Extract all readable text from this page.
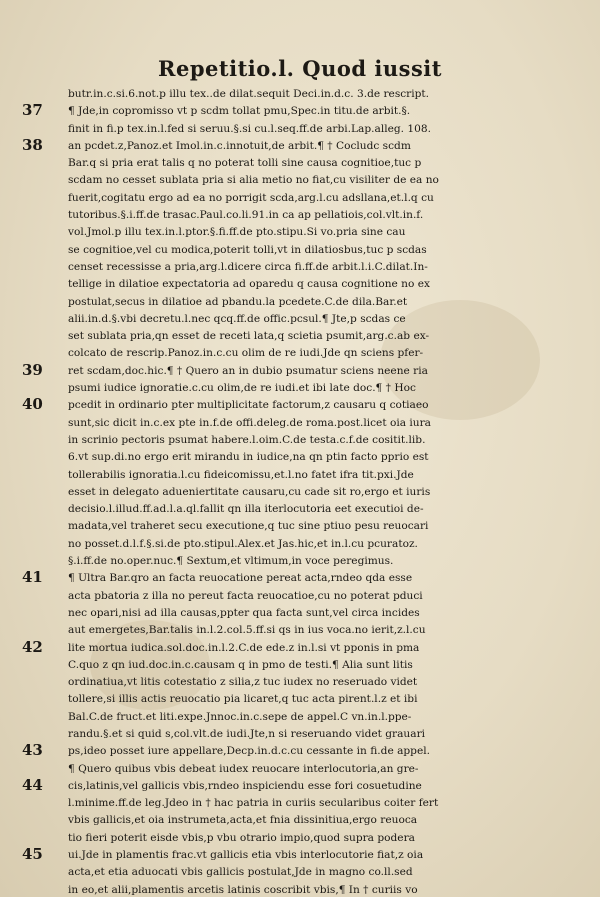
Repetitio.l. Quod iussit
37
38
39
40
41
42
43
44
45
butr.in.c.si.6.not.p illu tex..de dilat.sequit Deci.in.d.c. 3.de rescript.
¶ Jde,in copromisso vt p scdm tollat pmu,Spec.in titu.de arbit.§.
finit in fi.p tex.in.l.fed si seruu.§.si cu.l.seq.ff.de arbi.Lap.alleg. 108.
an pcdet.z,Panoz.et Imol.in.c.innotuit,de arbit.¶ † Cocludc scdm
Bar.q si pria erat talis q no poterat tolli sine causa cognitioe,tuc p
scdam no cesset sublata pria si alia metio no fiat,cu visiliter de ea no
fuerit,cogitatu ergo ad ea no porrigit scda,arg.l.cu adsllana,et.l.q cu
tutoribus.§.i.ff.de trasac.Paul.co.li.91.in ca ap pellatiois,col.vlt.in.f.
vol.Jmol.p illu tex.in.l.ptor.§.fi.ff.de pto.stipu.Si vo.pria sine cau
se cognitioe,vel cu modica,poterit tolli,vt in dilatiosbus,tuc p scdas
censet recessisse a pria,arg.l.dicere circa fi.ff.de arbit.l.i.C.dilat.In-
tellige in dilatioe expectatoria ad oparedu q causa cognitione no ex
postulat,secus in dilatioe ad pbandu.la pcedete.C.de dila.Bar.et
alii.in.d.§.vbi decretu.l.nec qcq.ff.de offic.pcsul.¶ Jte,p scdas ce
set sublata pria,qn esset de receti lata,q scietia psumit,arg.c.ab ex-
colcato de rescrip.Panoz.in.c.cu olim de re iudi.Jde qn sciens pfer-
ret scdam,doc.hic.¶ † Quero an in dubio psumatur sciens neene ria
psumi iudice ignoratie.c.cu olim,de re iudi.et ibi late doc.¶ † Hoc
pcedit in ordinario pter multiplicitate factorum,z causaru q cotiaeo
sunt,sic dicit in.c.ex pte in.f.de offi.deleg.de roma.post.licet oia iura
in scrinio pectoris psumat habere.l.oim.C.de testa.c.f.de cositit.lib.
6.vt sup.di.no ergo erit mirandu in iudice,na qn ptin facto pprio est
tollerabilis ignoratia.l.cu fideicomissu,et.l.no fatet ifra tit.pxi.Jde
esset in delegato adueniertitate causaru,cu cade sit ro,ergo et iuris
decisio.l.illud.ff.ad.l.a.ql.fallit qn illa iterlocutoria eet executioi de-
madata,vel traheret secu executione,q tuc sine ptiuo pesu reuocari
no posset.d.l.f.§.si.de pto.stipul.Alex.et Jas.hic,et in.l.cu pcuratoz.
§.i.ff.de no.oper.nuc.¶ Sextum,et vltimum,in voce peregimus.
¶ Ultra Bar.qro an facta reuocatione pereat acta,rndeo qda esse
acta pbatoria z illa no pereut facta reuocatioe,cu no poterat pduci
nec opari,nisi ad illa causas,ppter qua facta sunt,vel circa incides
aut emergetes,Bar.talis in.l.2.col.5.ff.si qs in ius voca.no ierit,z.l.cu
lite mortua iudica.sol.doc.in.l.2.C.de ede.z in.l.si vt pponis in pma
C.quo z qn iud.doc.in.c.causam q in pmo de testi.¶ Alia sunt litis
ordinatiua,vt litis cotestatio z silia,z tuc iudex no reseruado videt
tollere,si illis actis reuocatio pia licaret,q tuc acta pirent.l.z et ibi
Bal.C.de fruct.et liti.expe.Jnnoc.in.c.sepe de appel.C vn.in.l.ppe-
randu.§.et si quid s,col.vlt.de iudi.Jte,n si reseruando videt grauari
ps,ideo posset iure appellare,Decp.in.d.c.cu cessante in fi.de appel.
¶ Quero quibus vbis debeat iudex reuocare interlocutoria,an gre-
cis,latinis,vel gallicis vbis,rndeo inspiciendu esse fori cosuetudine
l.minime.ff.de leg.Jdeo in † hac patria in curiis secularibus coiter fert
vbis gallicis,et oia instrumeta,acta,et fnia dissinitiua,ergo reuoca
tio fieri poterit eisde vbis,p vbu otrario impio,quod supra podera
ui.Jde in plamentis frac.vt gallicis etia vbis interlocutorie fiat,z oia
acta,et etia aduocati vbis gallicis postulat,Jde in magno co.ll.sed
in eo,et alii,plamentis arcetis latinis coscribit vbis,¶ In † curiis vo
